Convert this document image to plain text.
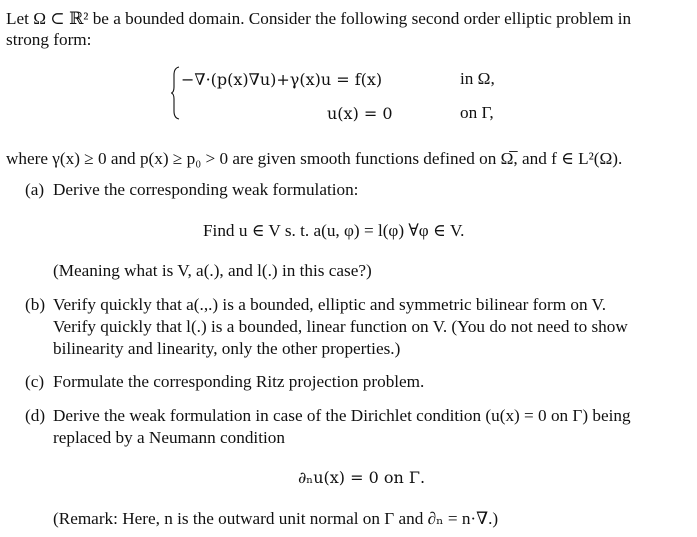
Let Ω ⊂ ℝ² be a bounded domain. Consider the following second order elliptic problem in
strong form:
−∇·(p(x)∇u)+γ(x)u = f(x)	in Ω,
u(x) = 0	on Γ,
where γ(x) ≥ 0 and p(x) ≥ p₀ > 0 are given smooth functions defined on Ω̅, and f ∈ L²(Ω).
(a) Derive the corresponding weak formulation:
Find u ∈ V s. t. a(u, φ) = l(φ) ∀φ ∈ V.
(Meaning what is V, a(.), and l(.) in this case?)
(b) Verify quickly that a(.,.) is a bounded, elliptic and symmetric bilinear form on V.
Verify quickly that l(.) is a bounded, linear function on V. (You do not need to show
bilinearity and linearity, only the other properties.)
(c) Formulate the corresponding Ritz projection problem.
(d) Derive the weak formulation in case of the Dirichlet condition (u(x) = 0 on Γ) being
replaced by a Neumann condition
∂ₙu(x) = 0 on Γ.
(Remark: Here, n is the outward unit normal on Γ and ∂ₙ = n·∇.)
